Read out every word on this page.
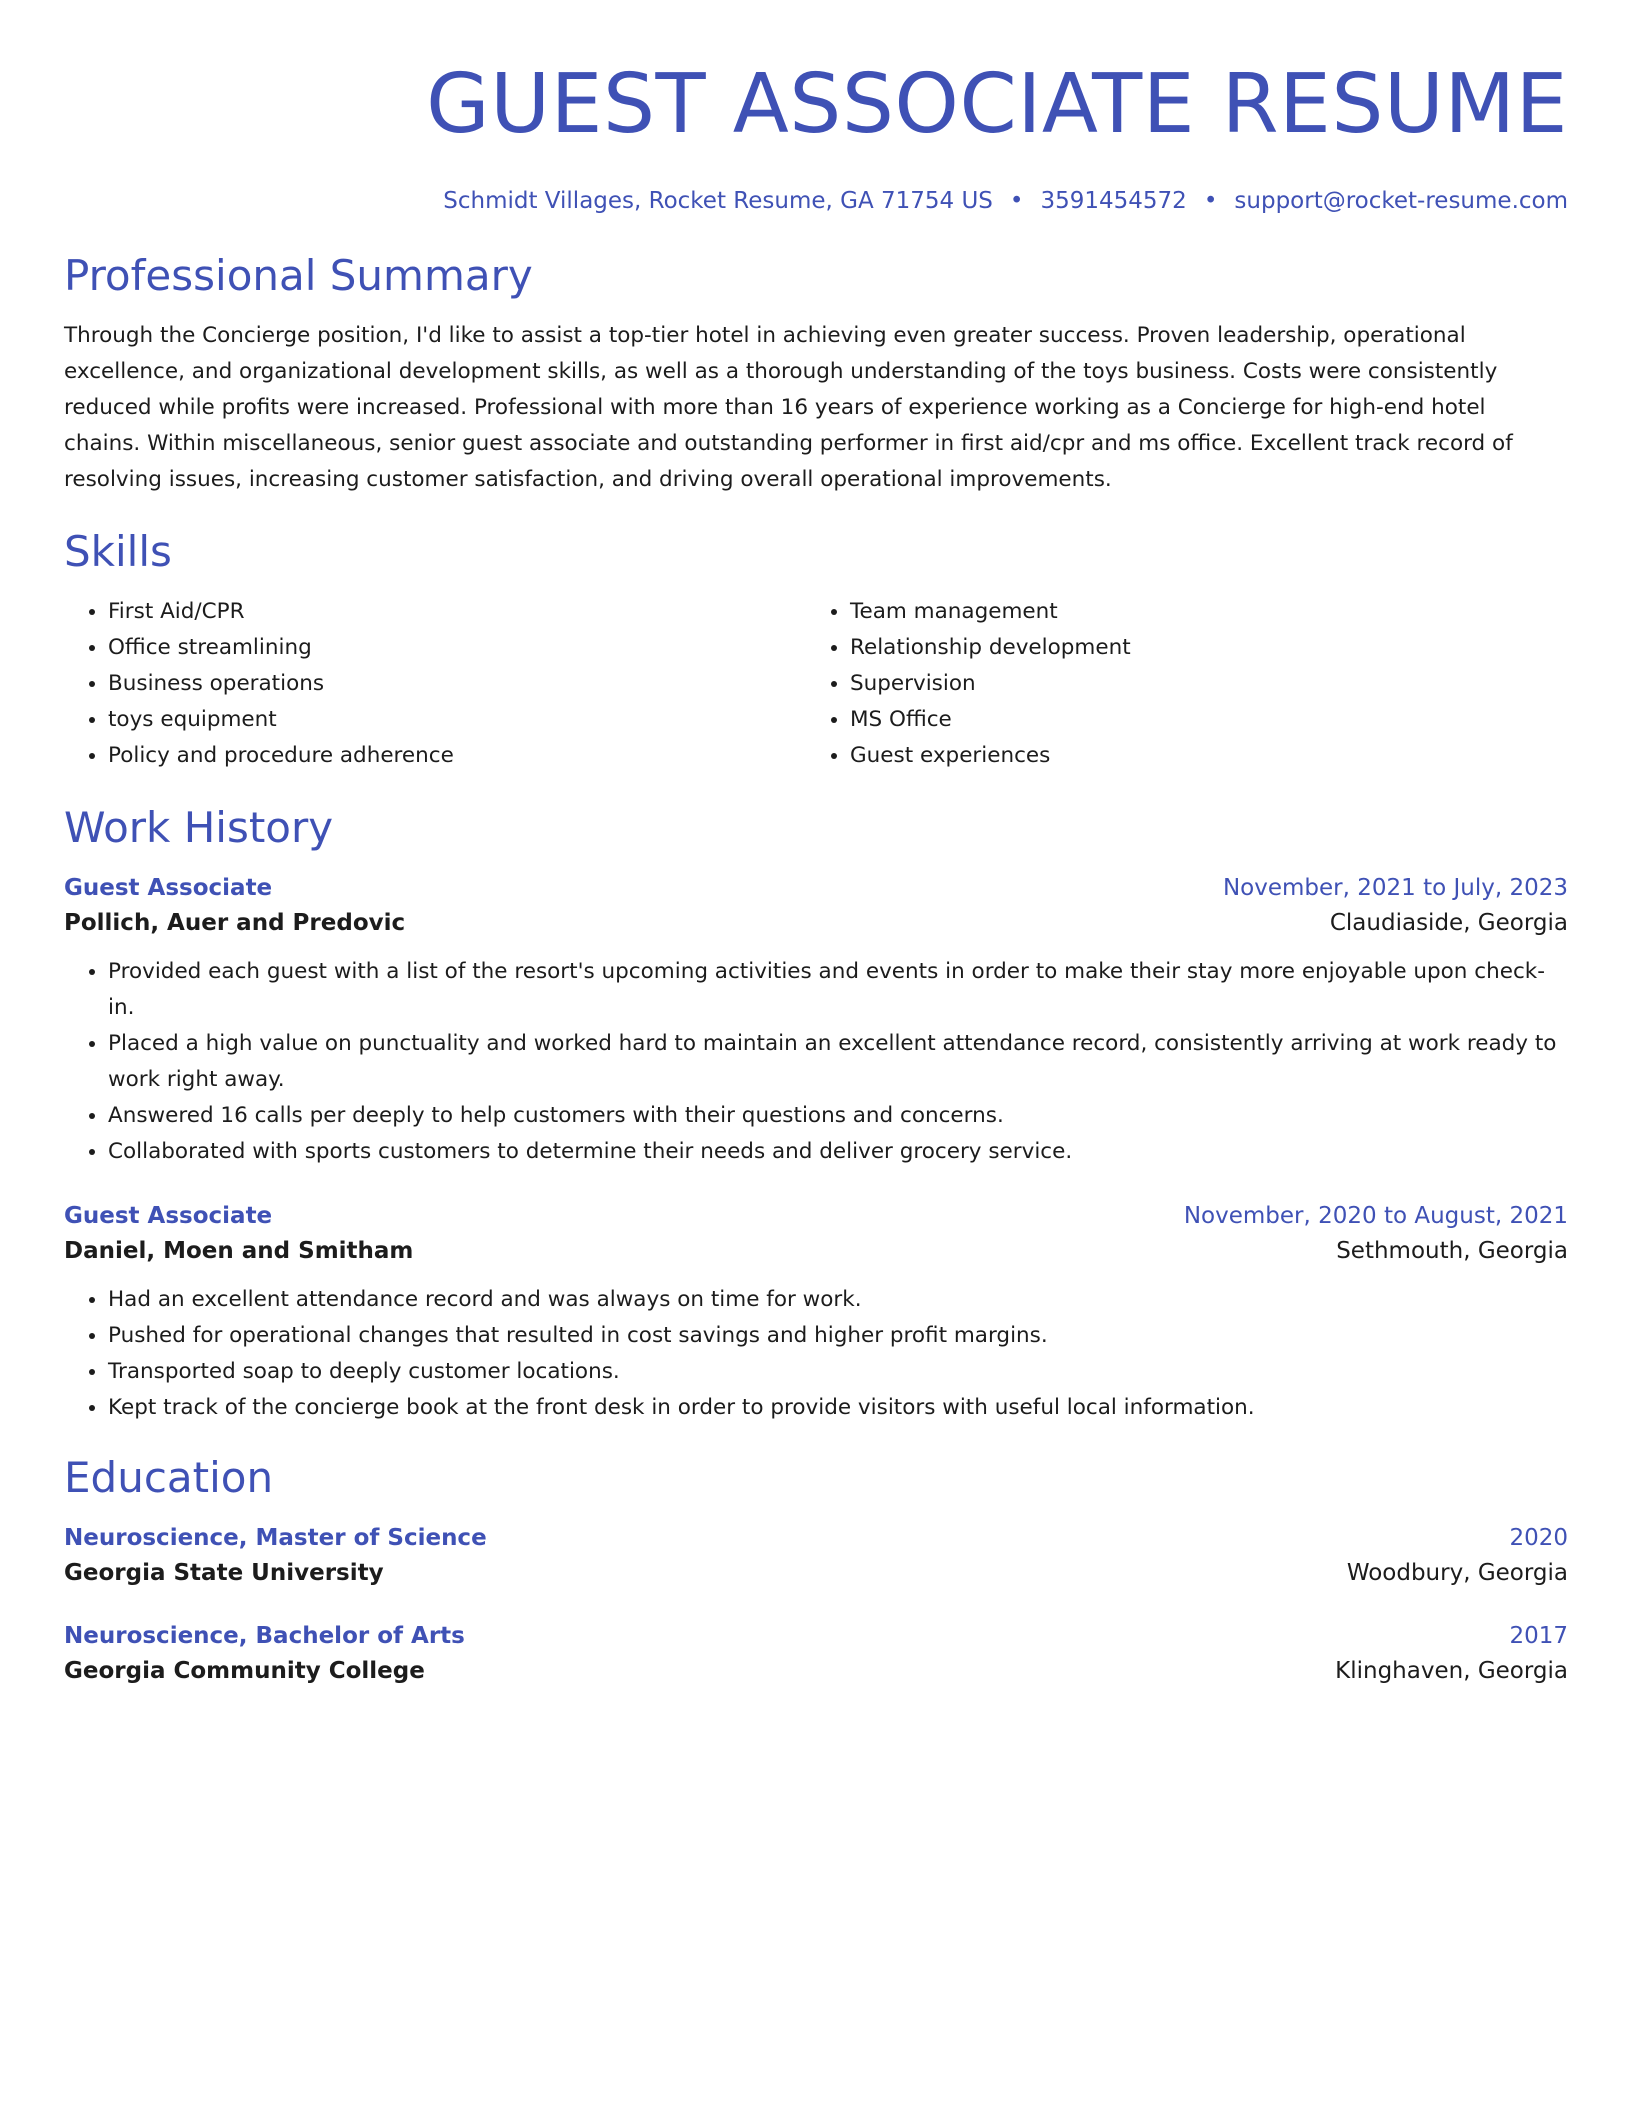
GUEST ASSOCIATE RESUME
Schmidt Villages, Rocket Resume, GA 71754 US • 3591454572 • support@rocket-resume.com
Professional Summary
Through the Concierge position, I'd like to assist a top-tier hotel in achieving even greater success. Proven leadership, operational excellence, and organizational development skills, as well as a thorough understanding of the toys business. Costs were consistently reduced while profits were increased. Professional with more than 16 years of experience working as a Concierge for high-end hotel chains. Within miscellaneous, senior guest associate and outstanding performer in first aid/cpr and ms office. Excellent track record of resolving issues, increasing customer satisfaction, and driving overall operational improvements.
Skills
• First Aid/CPR
• Office streamlining
• Business operations
• toys equipment
• Policy and procedure adherence
• Team management
• Relationship development
• Supervision
• MS Office
• Guest experiences
Work History
Guest Associate	November, 2021 to July, 2023
Pollich, Auer and Predovic	Claudiaside, Georgia
• Provided each guest with a list of the resort's upcoming activities and events in order to make their stay more enjoyable upon check-in.
• Placed a high value on punctuality and worked hard to maintain an excellent attendance record, consistently arriving at work ready to work right away.
• Answered 16 calls per deeply to help customers with their questions and concerns.
• Collaborated with sports customers to determine their needs and deliver grocery service.
Guest Associate	November, 2020 to August, 2021
Daniel, Moen and Smitham	Sethmouth, Georgia
• Had an excellent attendance record and was always on time for work.
• Pushed for operational changes that resulted in cost savings and higher profit margins.
• Transported soap to deeply customer locations.
• Kept track of the concierge book at the front desk in order to provide visitors with useful local information.
Education
Neuroscience, Master of Science	2020
Georgia State University	Woodbury, Georgia
Neuroscience, Bachelor of Arts	2017
Georgia Community College	Klinghaven, Georgia
